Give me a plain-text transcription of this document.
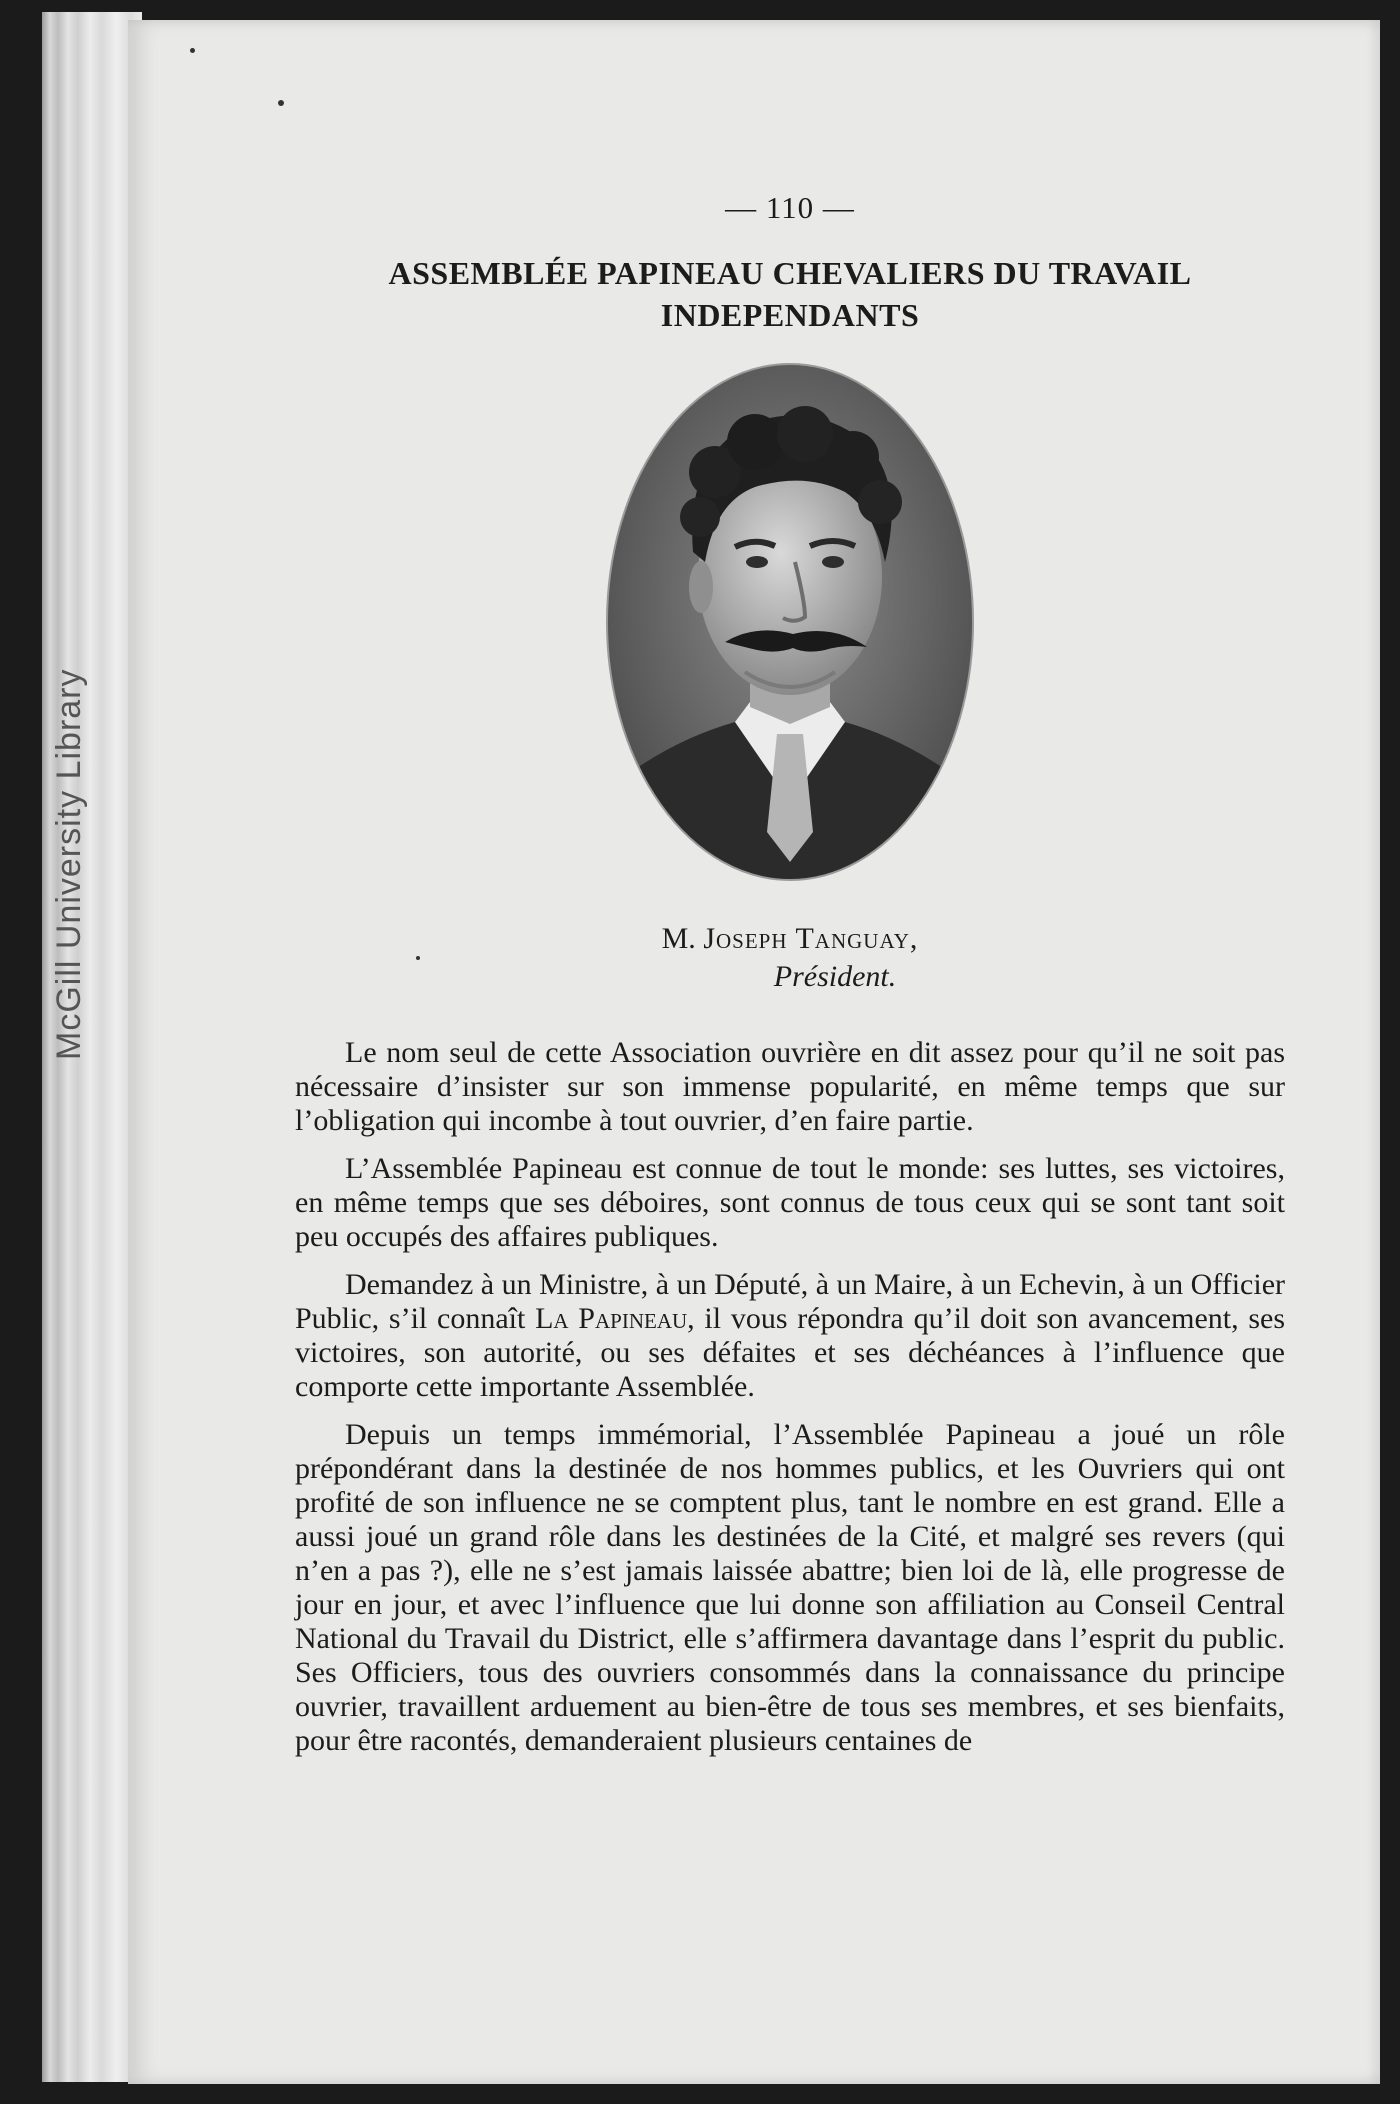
McGill University Library
— 110 —
ASSEMBLÉE PAPINEAU CHEVALIERS DU TRAVAIL
INDEPENDANTS
M. Joseph Tanguay,
Président.

Le nom seul de cette Association ouvrière en dit assez pour qu’il ne soit pas nécessaire d’insister sur son immense popularité, en même temps que sur l’obligation qui incombe à tout ouvrier, d’en faire partie.

L’Assemblée Papineau est connue de tout le monde: ses luttes, ses victoires, en même temps que ses déboires, sont connus de tous ceux qui se sont tant soit peu occupés des affaires publiques.

Demandez à un Ministre, à un Député, à un Maire, à un Echevin, à un Officier Public, s’il connaît La Papineau, il vous répondra qu’il doit son avancement, ses victoires, son autorité, ou ses défaites et ses déchéances à l’influence que comporte cette importante Assemblée.

Depuis un temps immémorial, l’Assemblée Papineau a joué un rôle prépondérant dans la destinée de nos hommes publics, et les Ouvriers qui ont profité de son influence ne se comptent plus, tant le nombre en est grand. Elle a aussi joué un grand rôle dans les destinées de la Cité, et malgré ses revers (qui n’en a pas ?), elle ne s’est jamais laissée abattre; bien loi de là, elle progresse de jour en jour, et avec l’influence que lui donne son affiliation au Conseil Central National du Travail du District, elle s’affirmera davantage dans l’esprit du public. Ses Officiers, tous des ouvriers consommés dans la connaissance du principe ouvrier, travaillent arduement au bien-être de tous ses membres, et ses bienfaits, pour être racontés, demanderaient plusieurs centaines de
